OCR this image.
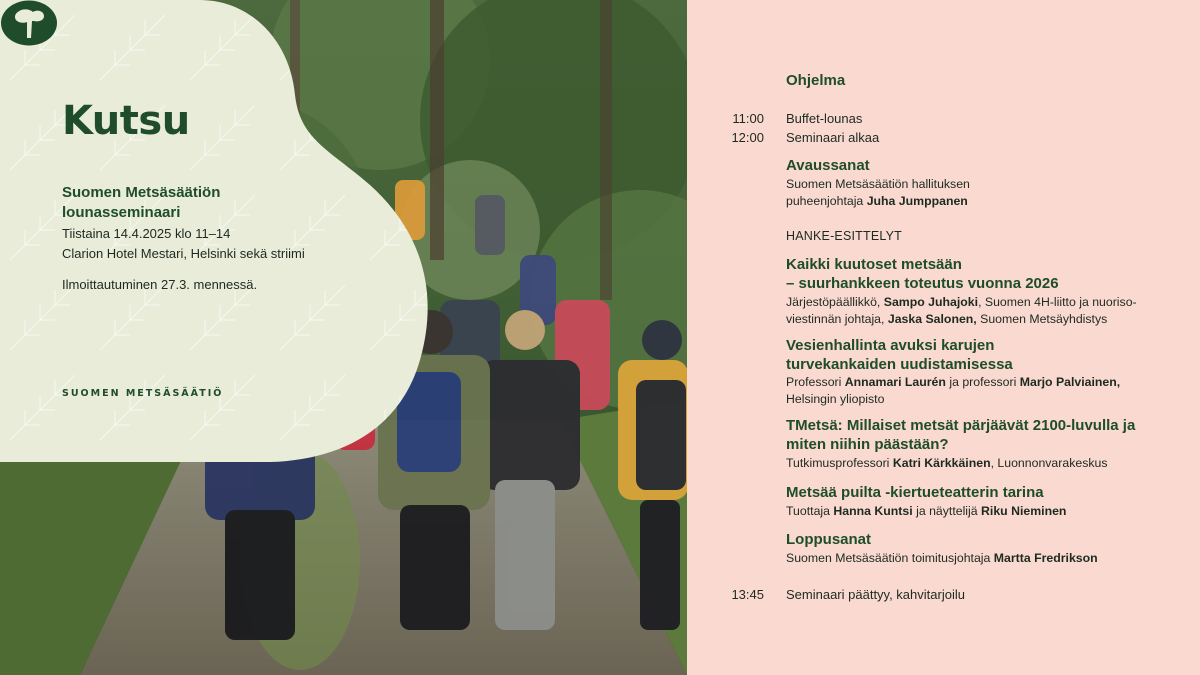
Kutsu
Suomen Metsäsäätiön
lounasseminaari
Tiistaina 14.4.2025 klo 11–14
Clarion Hotel Mestari, Helsinki sekä striimi
Ilmoittautuminen 27.3. mennessä.
SUOMEN METSÄSÄÄTIÖ
Ohjelma
11:00 Buffet-lounas
12:00 Seminaari alkaa
Avaussanat
Suomen Metsäsäätiön hallituksen
puheenjohtaja Juha Jumppanen
HANKE-ESITTELYT
Kaikki kuutoset metsään
– suurhankkeen toteutus vuonna 2026
Järjestöpäällikkö, Sampo Juhajoki, Suomen 4H-liitto ja nuoriso-
viestinnän johtaja, Jaska Salonen, Suomen Metsäyhdistys
Vesienhallinta avuksi karujen
turvekankaiden uudistamisessa
Professori Annamari Laurén ja professori Marjo Palviainen,
Helsingin yliopisto
TMetsä: Millaiset metsät pärjäävät 2100-luvulla ja
miten niihin päästään?
Tutkimusprofessori Katri Kärkkäinen, Luonnonvarakeskus
Metsää puilta -kiertueteatterin tarina
Tuottaja Hanna Kuntsi ja näyttelijä Riku Nieminen
Loppusanat
Suomen Metsäsäätiön toimitusjohtaja Martta Fredrikson
13:45 Seminaari päättyy, kahvitarjoilu
